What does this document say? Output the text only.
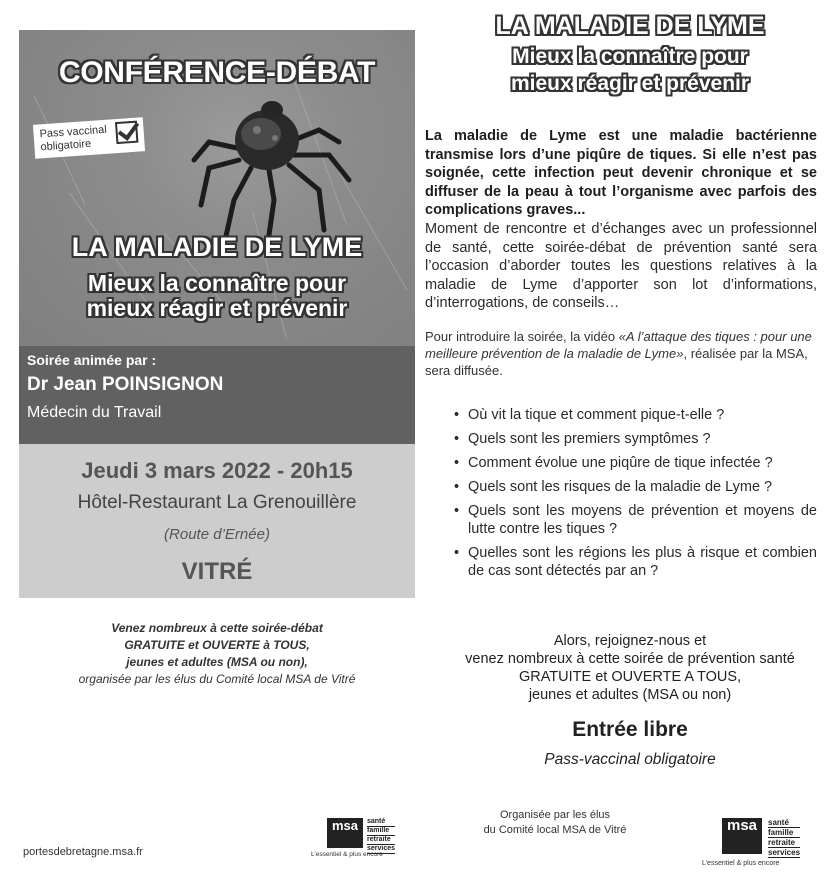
CONFÉRENCE-DÉBAT
Pass vaccinal obligatoire
LA MALADIE DE LYME
Mieux la connaître pour
mieux réagir et prévenir
Soirée animée par :
Dr Jean POINSIGNON
Médecin du Travail
Jeudi 3 mars 2022 - 20h15
Hôtel-Restaurant La Grenouillère
(Route d’Ernée)
VITRÉ
Venez nombreux à cette soirée-débat
GRATUITE et OUVERTE à TOUS,
jeunes et adultes (MSA ou non),
organisée par les élus du Comité local MSA de Vitré
portesdebretagne.msa.fr
msa	santé
famille
retraite
services
L’essentiel & plus encore
LA MALADIE DE LYME
Mieux la connaître pour
mieux réagir et prévenir
La maladie de Lyme est une maladie bactérienne transmise lors d’une piqûre de tiques. Si elle n’est pas soignée, cette infection peut devenir chronique et se diffuser de la peau à tout l’organisme avec parfois des complications graves...
Moment de rencontre et d’échanges avec un professionnel de santé, cette soirée-débat de prévention santé sera l’occasion d’aborder toutes les questions relatives à la maladie de Lyme d’apporter son lot d’informations, d’interrogations, de conseils…
Pour introduire la soirée, la vidéo «A l’attaque des tiques : pour une meilleure prévention de la maladie de Lyme», réalisée par la MSA, sera diffusée.
• Où vit la tique et comment pique-t-elle ?
• Quels sont les premiers symptômes ?
• Comment évolue une piqûre de tique infectée ?
• Quels sont les risques de la maladie de Lyme ?
• Quels sont les moyens de prévention et moyens de lutte contre les tiques ?
• Quelles sont les régions les plus à risque et combien de cas sont détectés par an ?
Alors, rejoignez-nous et
venez nombreux à cette soirée de prévention santé
GRATUITE et OUVERTE A TOUS,
jeunes et adultes (MSA ou non)
Entrée libre
Pass-vaccinal obligatoire
Organisée par les élus
du Comité local MSA de Vitré	msa	santé
famille
retraite
services
L’essentiel & plus encore
